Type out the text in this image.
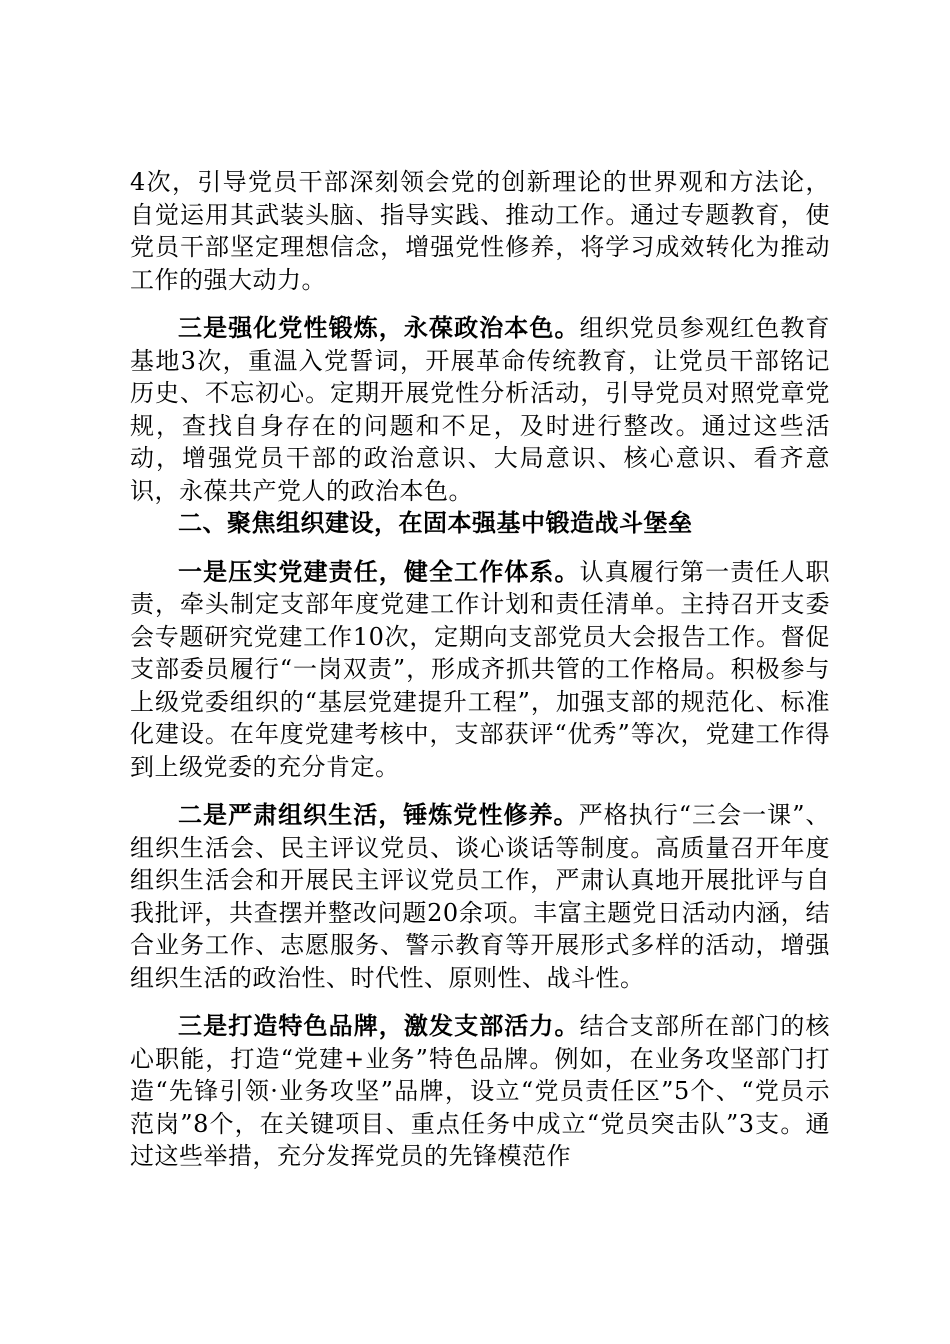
4次，引导党员干部深刻领会党的创新理论的世界观和方法论，自觉运用其武装头脑、指导实践、推动工作。通过专题教育，使党员干部坚定理想信念，增强党性修养，将学习成效转化为推动工作的强大动力。

三是强化党性锻炼，永葆政治本色。组织党员参观红色教育基地3次，重温入党誓词，开展革命传统教育，让党员干部铭记历史、不忘初心。定期开展党性分析活动，引导党员对照党章党规，查找自身存在的问题和不足，及时进行整改。通过这些活动，增强党员干部的政治意识、大局意识、核心意识、看齐意识，永葆共产党人的政治本色。

二、聚焦组织建设，在固本强基中锻造战斗堡垒

一是压实党建责任，健全工作体系。认真履行第一责任人职责，牵头制定支部年度党建工作计划和责任清单。主持召开支委会专题研究党建工作10次，定期向支部党员大会报告工作。督促支部委员履行“一岗双责”，形成齐抓共管的工作格局。积极参与上级党委组织的“基层党建提升工程”，加强支部的规范化、标准化建设。在年度党建考核中，支部获评“优秀”等次，党建工作得到上级党委的充分肯定。

二是严肃组织生活，锤炼党性修养。严格执行“三会一课”、组织生活会、民主评议党员、谈心谈话等制度。高质量召开年度组织生活会和开展民主评议党员工作，严肃认真地开展批评与自我批评，共查摆并整改问题20余项。丰富主题党日活动内涵，结合业务工作、志愿服务、警示教育等开展形式多样的活动，增强组织生活的政治性、时代性、原则性、战斗性。

三是打造特色品牌，激发支部活力。结合支部所在部门的核心职能，打造“党建+业务”特色品牌。例如，在业务攻坚部门打造“先锋引领·业务攻坚”品牌，设立“党员责任区”5个、“党员示范岗”8个，在关键项目、重点任务中成立“党员突击队”3支。通过这些举措，充分发挥党员的先锋模范作
